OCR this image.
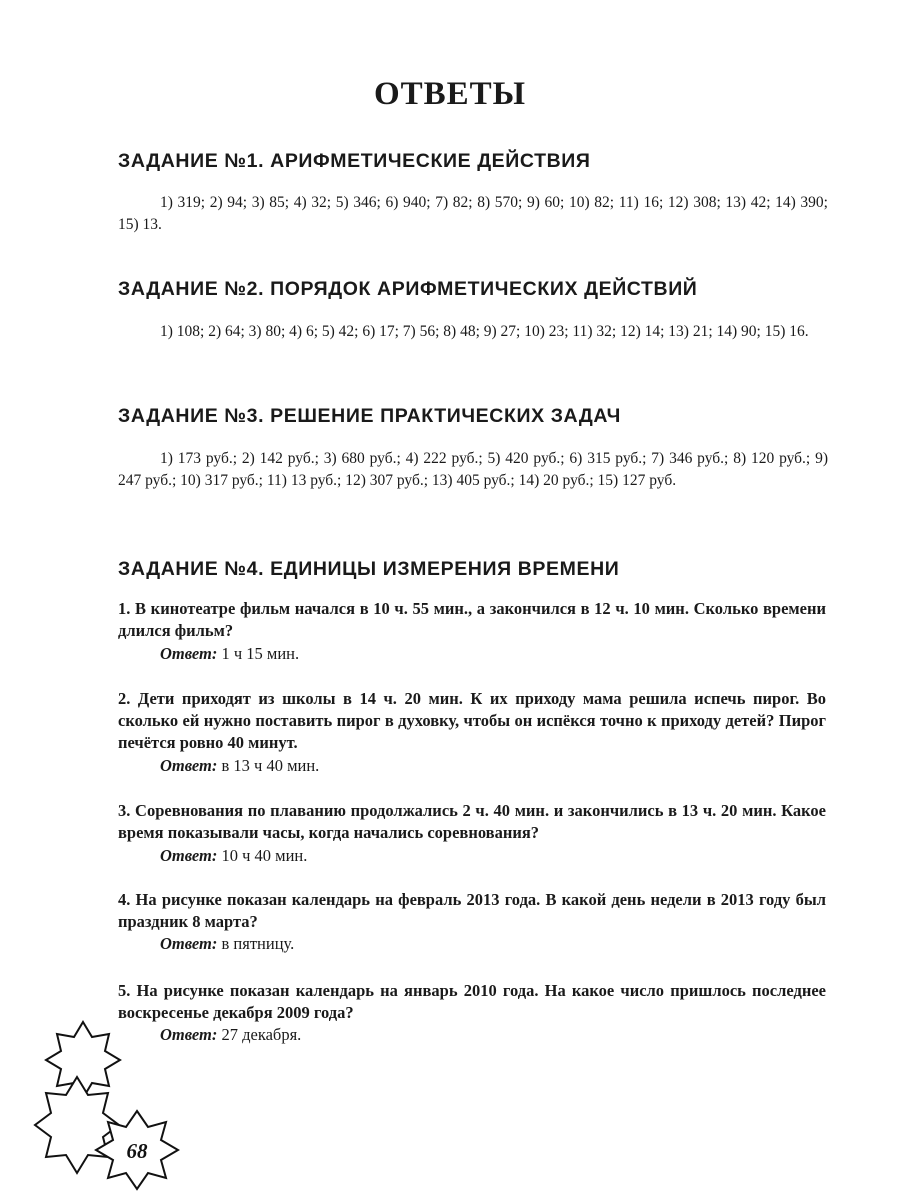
ОТВЕТЫ
ЗАДАНИЕ №1. АРИФМЕТИЧЕСКИЕ ДЕЙСТВИЯ

1) 319; 2) 94; 3) 85; 4) 32; 5) 346; 6) 940; 7) 82; 8) 570; 9) 60; 10) 82; 11) 16; 12) 308; 13) 42; 14) 390; 15) 13.

ЗАДАНИЕ №2. ПОРЯДОК АРИФМЕТИЧЕСКИХ ДЕЙСТВИЙ

1) 108; 2) 64; 3) 80; 4) 6; 5) 42; 6) 17; 7) 56; 8) 48; 9) 27; 10) 23; 11) 32; 12) 14; 13) 21; 14) 90; 15) 16.

ЗАДАНИЕ №3. РЕШЕНИЕ ПРАКТИЧЕСКИХ ЗАДАЧ

1) 173 руб.; 2) 142 руб.; 3) 680 руб.; 4) 222 руб.; 5) 420 руб.; 6) 315 руб.; 7) 346 руб.; 8) 120 руб.; 9) 247 руб.; 10) 317 руб.; 11) 13 руб.; 12) 307 руб.; 13) 405 руб.; 14) 20 руб.; 15) 127 руб.

ЗАДАНИЕ №4. ЕДИНИЦЫ ИЗМЕРЕНИЯ ВРЕМЕНИ

1. В кинотеатре фильм начался в 10 ч. 55 мин., а закончился в 12 ч. 10 мин. Сколько времени длился фильм?

Ответ: 1 ч 15 мин.

2. Дети приходят из школы в 14 ч. 20 мин. К их приходу мама решила испечь пирог. Во сколько ей нужно поставить пирог в духовку, чтобы он испёкся точно к приходу детей? Пирог печётся ровно 40 минут.

Ответ: в 13 ч 40 мин.

3. Соревнования по плаванию продолжались 2 ч. 40 мин. и закончились в 13 ч. 20 мин. Какое время показывали часы, когда начались соревнования?

Ответ: 10 ч 40 мин.

4. На рисунке показан календарь на февраль 2013 года. В какой день недели в 2013 году был праздник 8 марта?

Ответ: в пятницу.

5. На рисунке показан календарь на январь 2010 года. На какое число пришлось последнее воскресенье декабря 2009 года?

Ответ: 27 декабря.

68
